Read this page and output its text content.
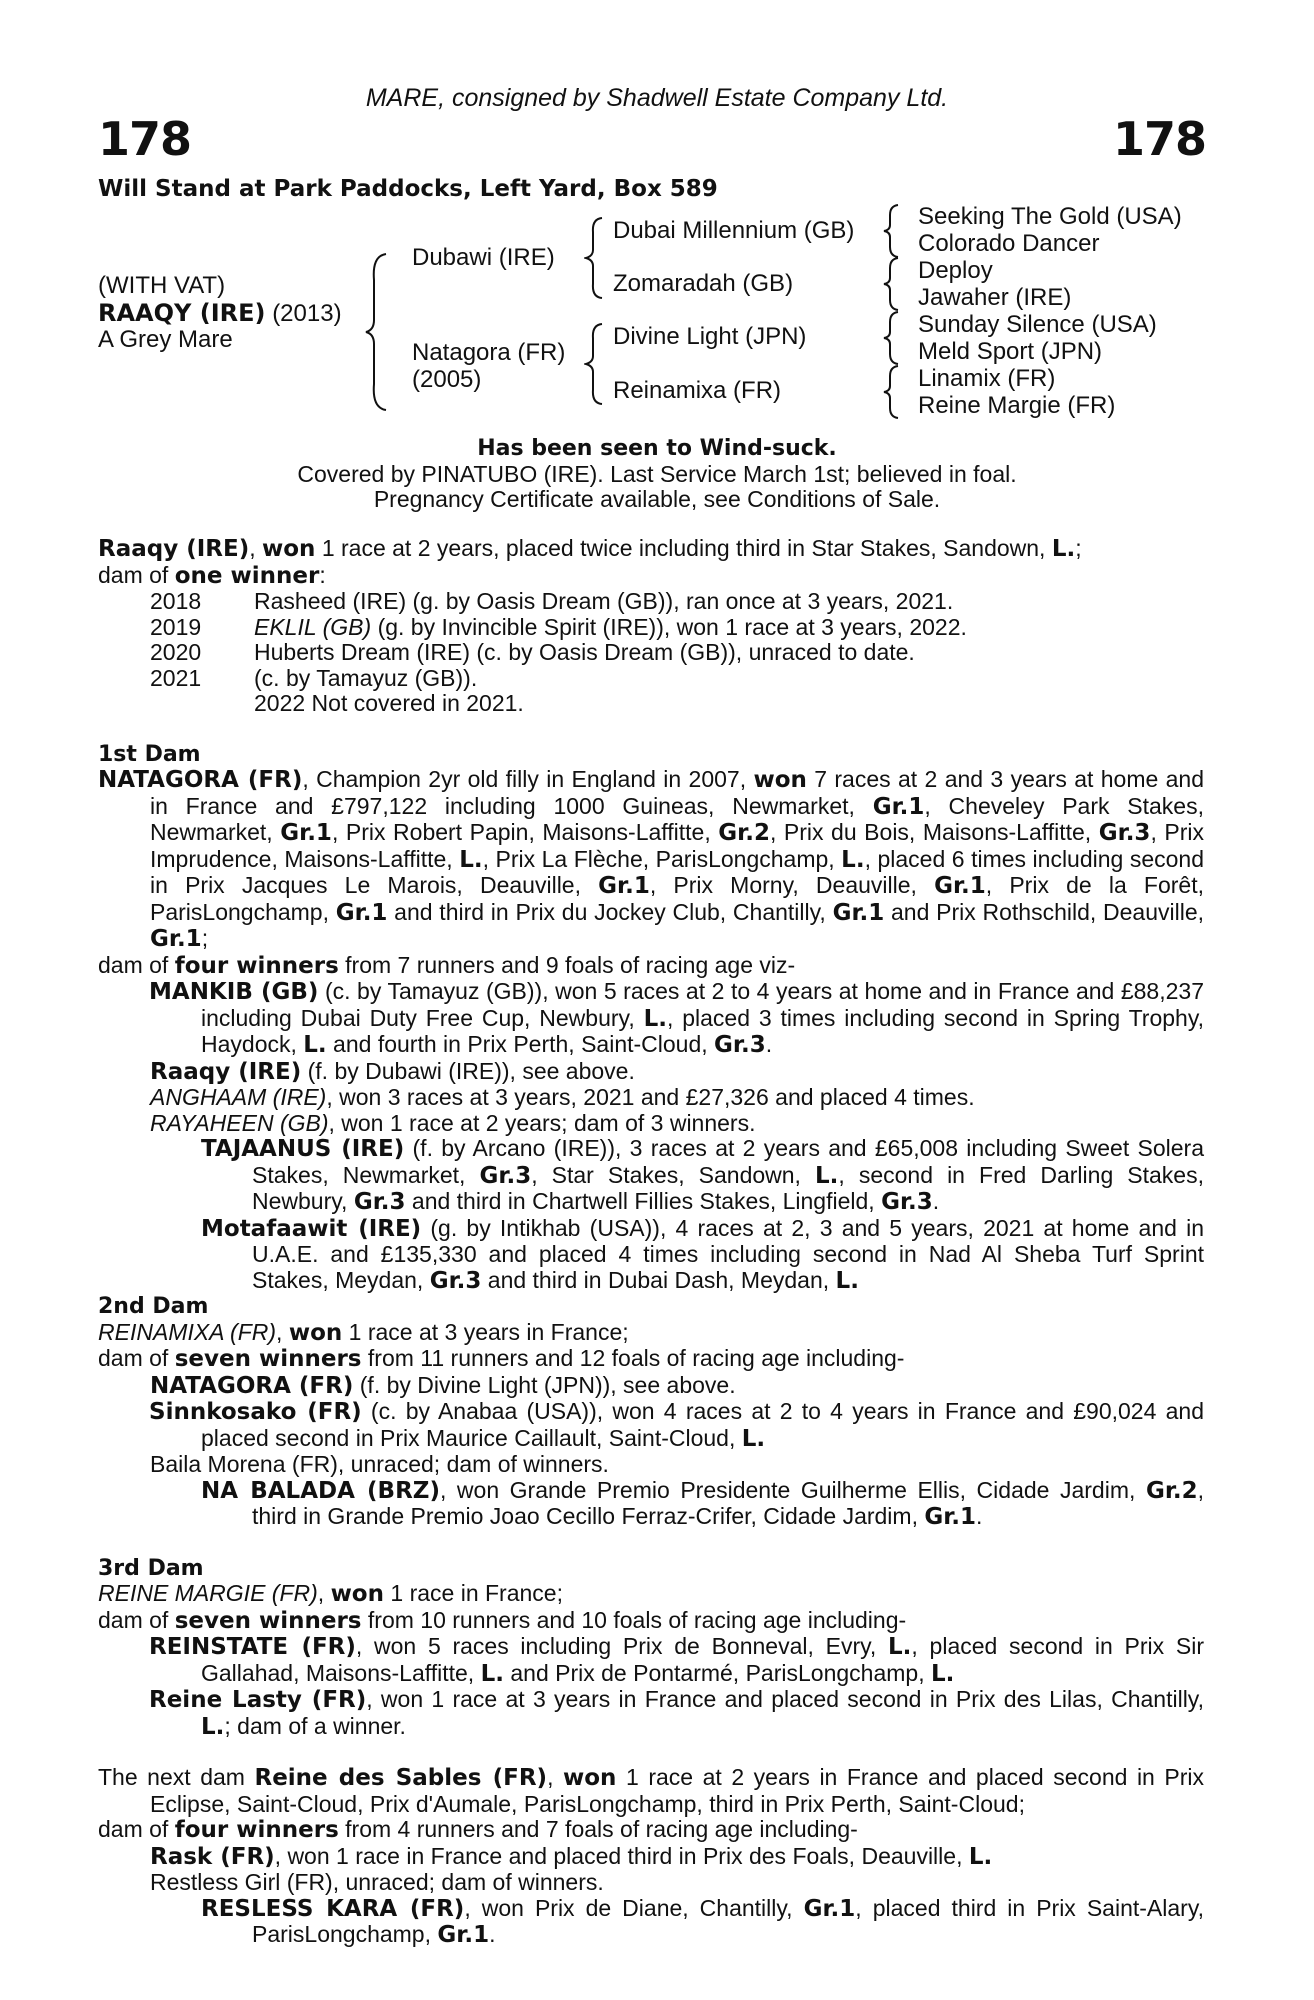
MARE, consigned by Shadwell Estate Company Ltd.
178	178
Will Stand at Park Paddocks, Left Yard, Box 589
(WITH VAT)
RAAQY (IRE) (2013)
A Grey Mare
Dubawi (IRE)
Natagora (FR)
(2005)
Dubai Millennium (GB)
Zomaradah (GB)
Divine Light (JPN)
Reinamixa (FR)
Seeking The Gold (USA)
Colorado Dancer
Deploy
Jawaher (IRE)
Sunday Silence (USA)
Meld Sport (JPN)
Linamix (FR)
Reine Margie (FR)
Has been seen to Wind-suck.
Covered by PINATUBO (IRE). Last Service March 1st; believed in foal.
Pregnancy Certificate available, see Conditions of Sale.
Raaqy (IRE), won 1 race at 2 years, placed twice including third in Star Stakes, Sandown, L.;
dam of one winner:
2018 Rasheed (IRE) (g. by Oasis Dream (GB)), ran once at 3 years, 2021.
2019 EKLIL (GB) (g. by Invincible Spirit (IRE)), won 1 race at 3 years, 2022.
2020 Huberts Dream (IRE) (c. by Oasis Dream (GB)), unraced to date.
2021 (c. by Tamayuz (GB)).
2022 Not covered in 2021.
1st Dam
NATAGORA (FR), Champion 2yr old filly in England in 2007, won 7 races at 2 and 3 years at home and in France and £797,122 including 1000 Guineas, Newmarket, Gr.1, Cheveley Park Stakes, Newmarket, Gr.1, Prix Robert Papin, Maisons-Laffitte, Gr.2, Prix du Bois, Maisons-Laffitte, Gr.3, Prix Imprudence, Maisons-Laffitte, L., Prix La Flèche, ParisLongchamp, L., placed 6 times including second in Prix Jacques Le Marois, Deauville, Gr.1, Prix Morny, Deauville, Gr.1, Prix de la Forêt, ParisLongchamp, Gr.1 and third in Prix du Jockey Club, Chantilly, Gr.1 and Prix Rothschild, Deauville, Gr.1;
dam of four winners from 7 runners and 9 foals of racing age viz-
MANKIB (GB) (c. by Tamayuz (GB)), won 5 races at 2 to 4 years at home and in France and £88,237 including Dubai Duty Free Cup, Newbury, L., placed 3 times including second in Spring Trophy, Haydock, L. and fourth in Prix Perth, Saint-Cloud, Gr.3.
Raaqy (IRE) (f. by Dubawi (IRE)), see above.
ANGHAAM (IRE), won 3 races at 3 years, 2021 and £27,326 and placed 4 times.
RAYAHEEN (GB), won 1 race at 2 years; dam of 3 winners.
TAJAANUS (IRE) (f. by Arcano (IRE)), 3 races at 2 years and £65,008 including Sweet Solera Stakes, Newmarket, Gr.3, Star Stakes, Sandown, L., second in Fred Darling Stakes, Newbury, Gr.3 and third in Chartwell Fillies Stakes, Lingfield, Gr.3.
Motafaawit (IRE) (g. by Intikhab (USA)), 4 races at 2, 3 and 5 years, 2021 at home and in U.A.E. and £135,330 and placed 4 times including second in Nad Al Sheba Turf Sprint Stakes, Meydan, Gr.3 and third in Dubai Dash, Meydan, L.
2nd Dam
REINAMIXA (FR), won 1 race at 3 years in France;
dam of seven winners from 11 runners and 12 foals of racing age including-
NATAGORA (FR) (f. by Divine Light (JPN)), see above.
Sinnkosako (FR) (c. by Anabaa (USA)), won 4 races at 2 to 4 years in France and £90,024 and placed second in Prix Maurice Caillault, Saint-Cloud, L.
Baila Morena (FR), unraced; dam of winners.
NA BALADA (BRZ), won Grande Premio Presidente Guilherme Ellis, Cidade Jardim, Gr.2, third in Grande Premio Joao Cecillo Ferraz-Crifer, Cidade Jardim, Gr.1.
3rd Dam
REINE MARGIE (FR), won 1 race in France;
dam of seven winners from 10 runners and 10 foals of racing age including-
REINSTATE (FR), won 5 races including Prix de Bonneval, Evry, L., placed second in Prix Sir Gallahad, Maisons-Laffitte, L. and Prix de Pontarmé, ParisLongchamp, L.
Reine Lasty (FR), won 1 race at 3 years in France and placed second in Prix des Lilas, Chantilly, L.; dam of a winner.
The next dam Reine des Sables (FR), won 1 race at 2 years in France and placed second in Prix Eclipse, Saint-Cloud, Prix d'Aumale, ParisLongchamp, third in Prix Perth, Saint-Cloud;
dam of four winners from 4 runners and 7 foals of racing age including-
Rask (FR), won 1 race in France and placed third in Prix des Foals, Deauville, L.
Restless Girl (FR), unraced; dam of winners.
RESLESS KARA (FR), won Prix de Diane, Chantilly, Gr.1, placed third in Prix Saint-Alary, ParisLongchamp, Gr.1.
